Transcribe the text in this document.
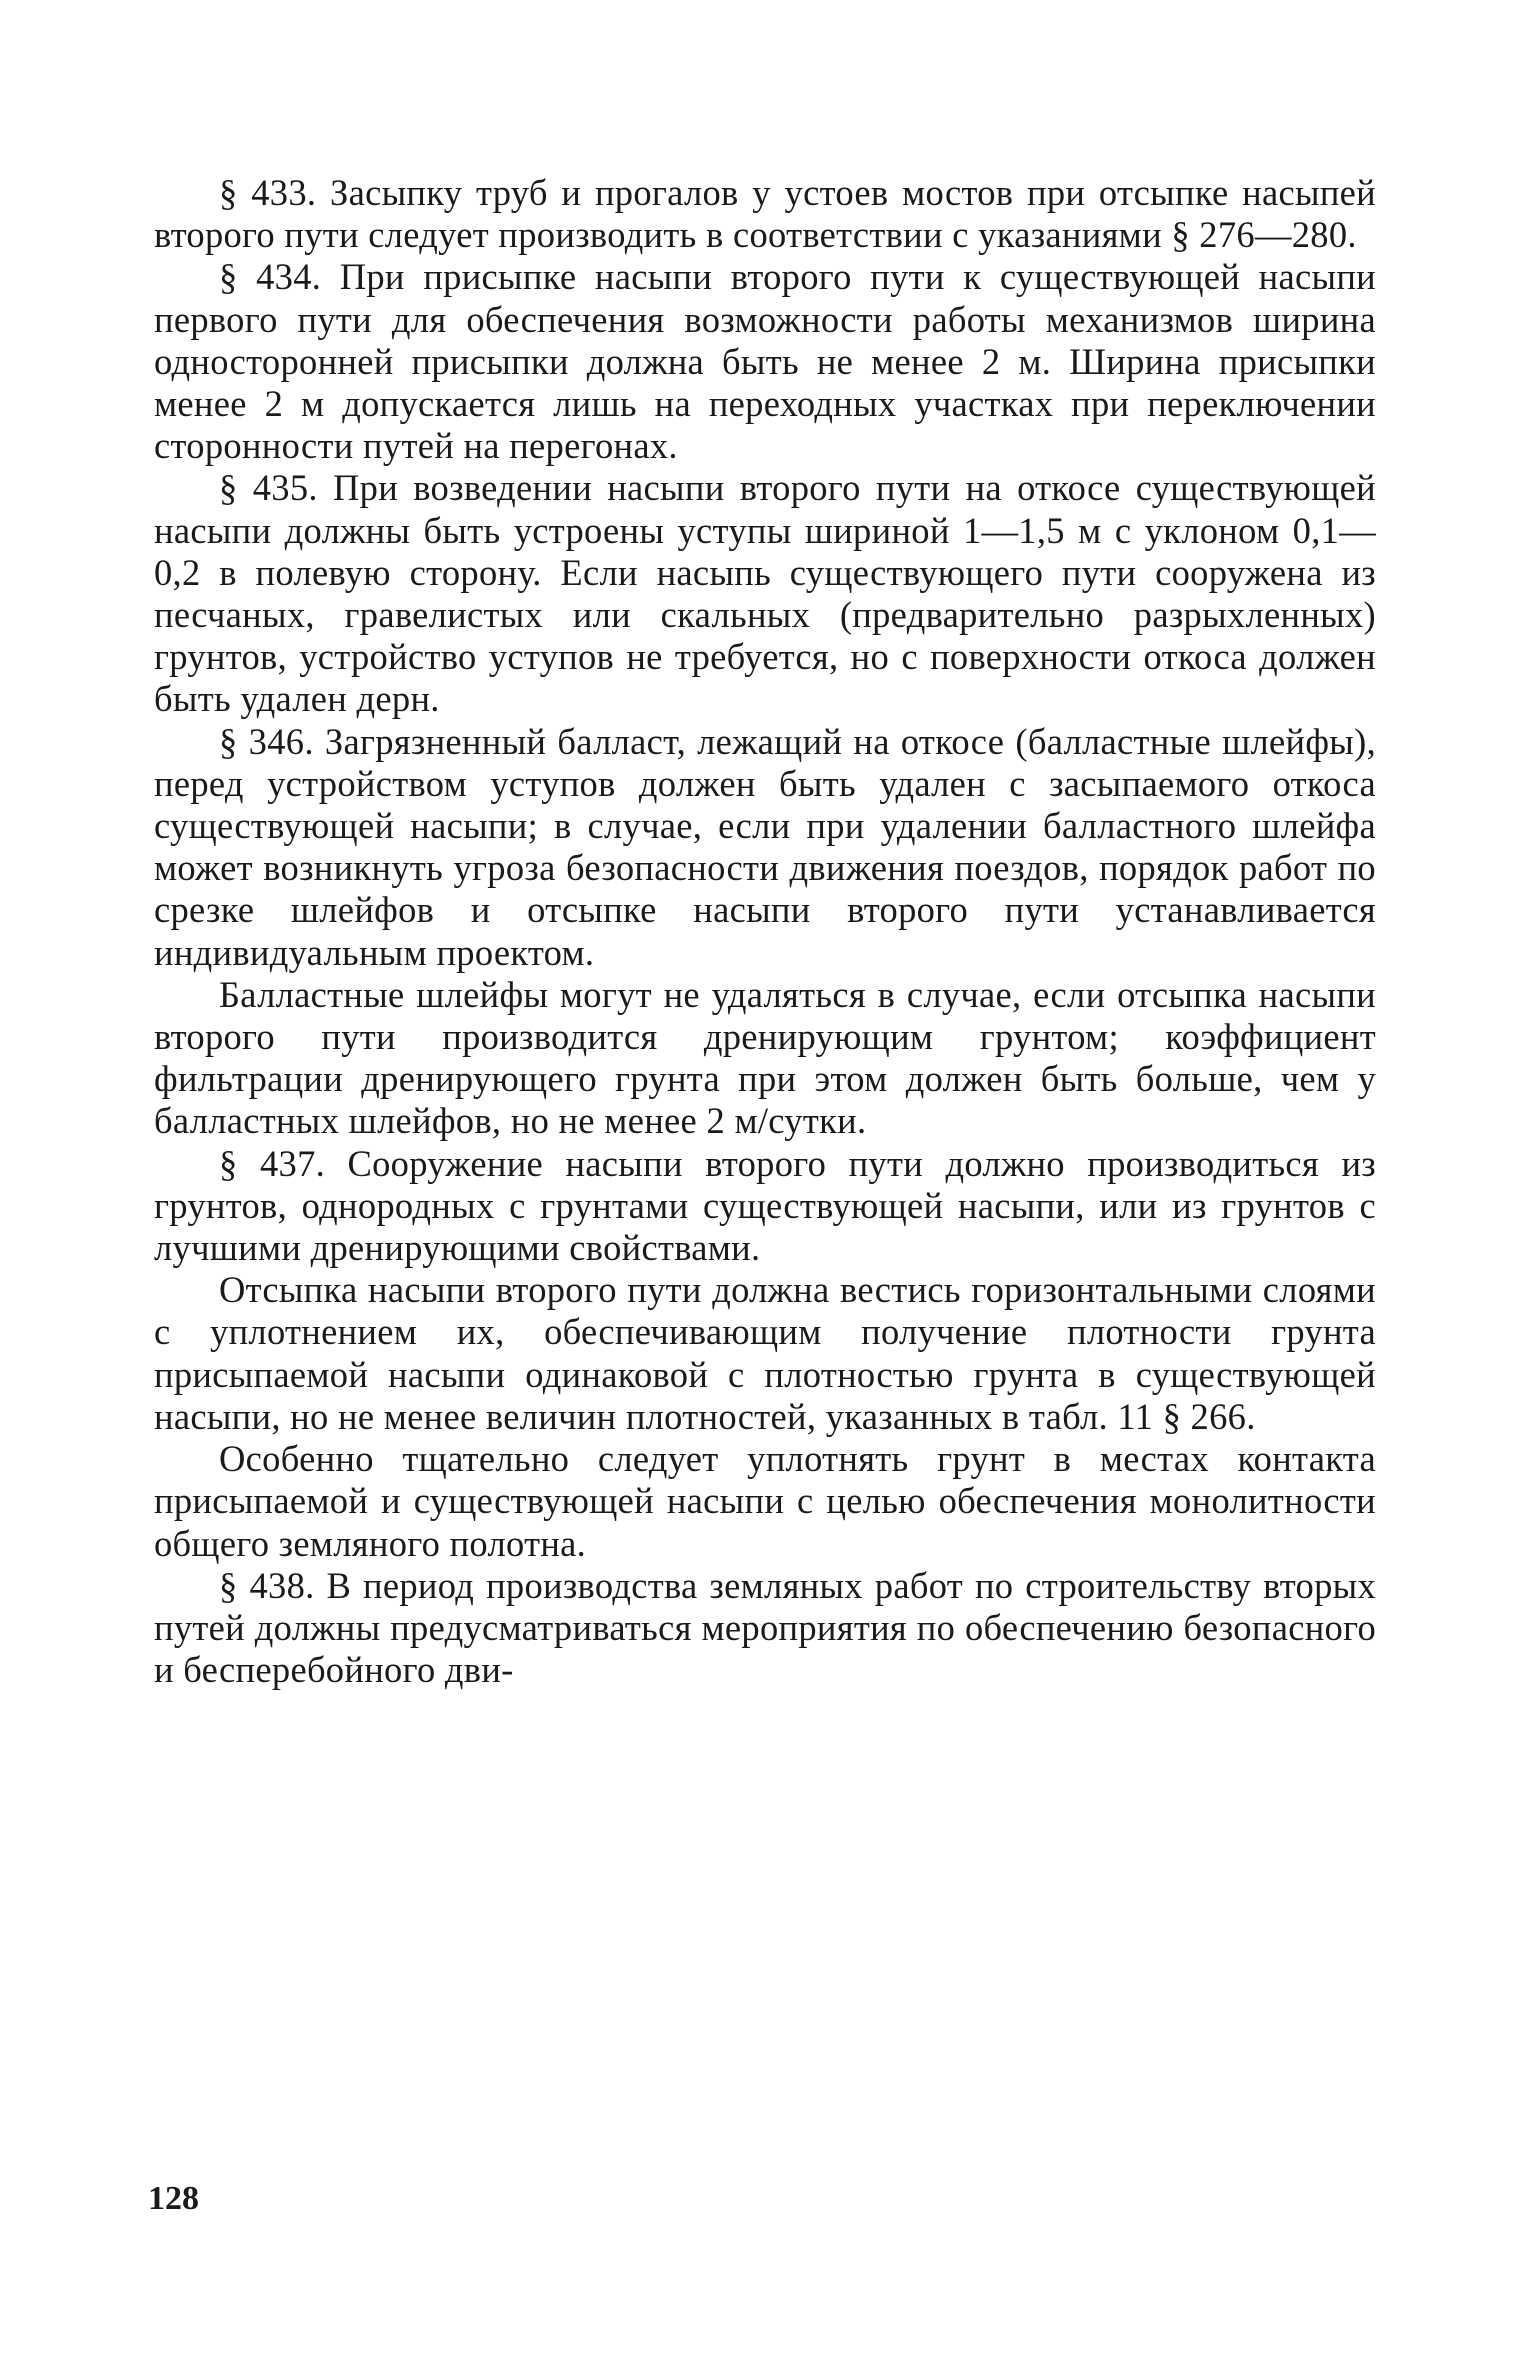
§ 433. Засыпку труб и прогалов у устоев мостов при отсыпке насыпей второго пути следует производить в соответствии с указаниями § 276—280.

§ 434. При присыпке насыпи второго пути к существующей насыпи первого пути для обеспечения возможности работы механизмов ширина односторонней присыпки должна быть не менее 2 м. Ширина присыпки менее 2 м допускается лишь на переходных участках при переключении сторонности путей на перегонах.

§ 435. При возведении насыпи второго пути на откосе существующей насыпи должны быть устроены уступы шириной 1—1,5 м с уклоном 0,1—0,2 в полевую сторону. Если насыпь существующего пути сооружена из песчаных, гравелистых или скальных (предварительно разрыхленных) грунтов, устройство уступов не требуется, но с поверхности откоса должен быть удален дерн.

§ 346. Загрязненный балласт, лежащий на откосе (балластные шлейфы), перед устройством уступов должен быть удален с засыпаемого откоса существующей насыпи; в случае, если при удалении балластного шлейфа может возникнуть угроза безопасности движения поездов, порядок работ по срезке шлейфов и отсыпке насыпи второго пути устанавливается индивидуальным проектом.

Балластные шлейфы могут не удаляться в случае, если отсыпка насыпи второго пути производится дренирующим грунтом; коэффициент фильтрации дренирующего грунта при этом должен быть больше, чем у балластных шлейфов, но не менее 2 м/сутки.

§ 437. Сооружение насыпи второго пути должно производиться из грунтов, однородных с грунтами существующей насыпи, или из грунтов с лучшими дренирующими свойствами.

Отсыпка насыпи второго пути должна вестись горизонтальными слоями с уплотнением их, обеспечивающим получение плотности грунта присыпаемой насыпи одинаковой с плотностью грунта в существующей насыпи, но не менее величин плотностей, указанных в табл. 11 § 266.

Особенно тщательно следует уплотнять грунт в местах контакта присыпаемой и существующей насыпи с целью обеспечения монолитности общего земляного полотна.

§ 438. В период производства земляных работ по строительству вторых путей должны предусматриваться мероприятия по обеспечению безопасного и бесперебойного дви-

128
